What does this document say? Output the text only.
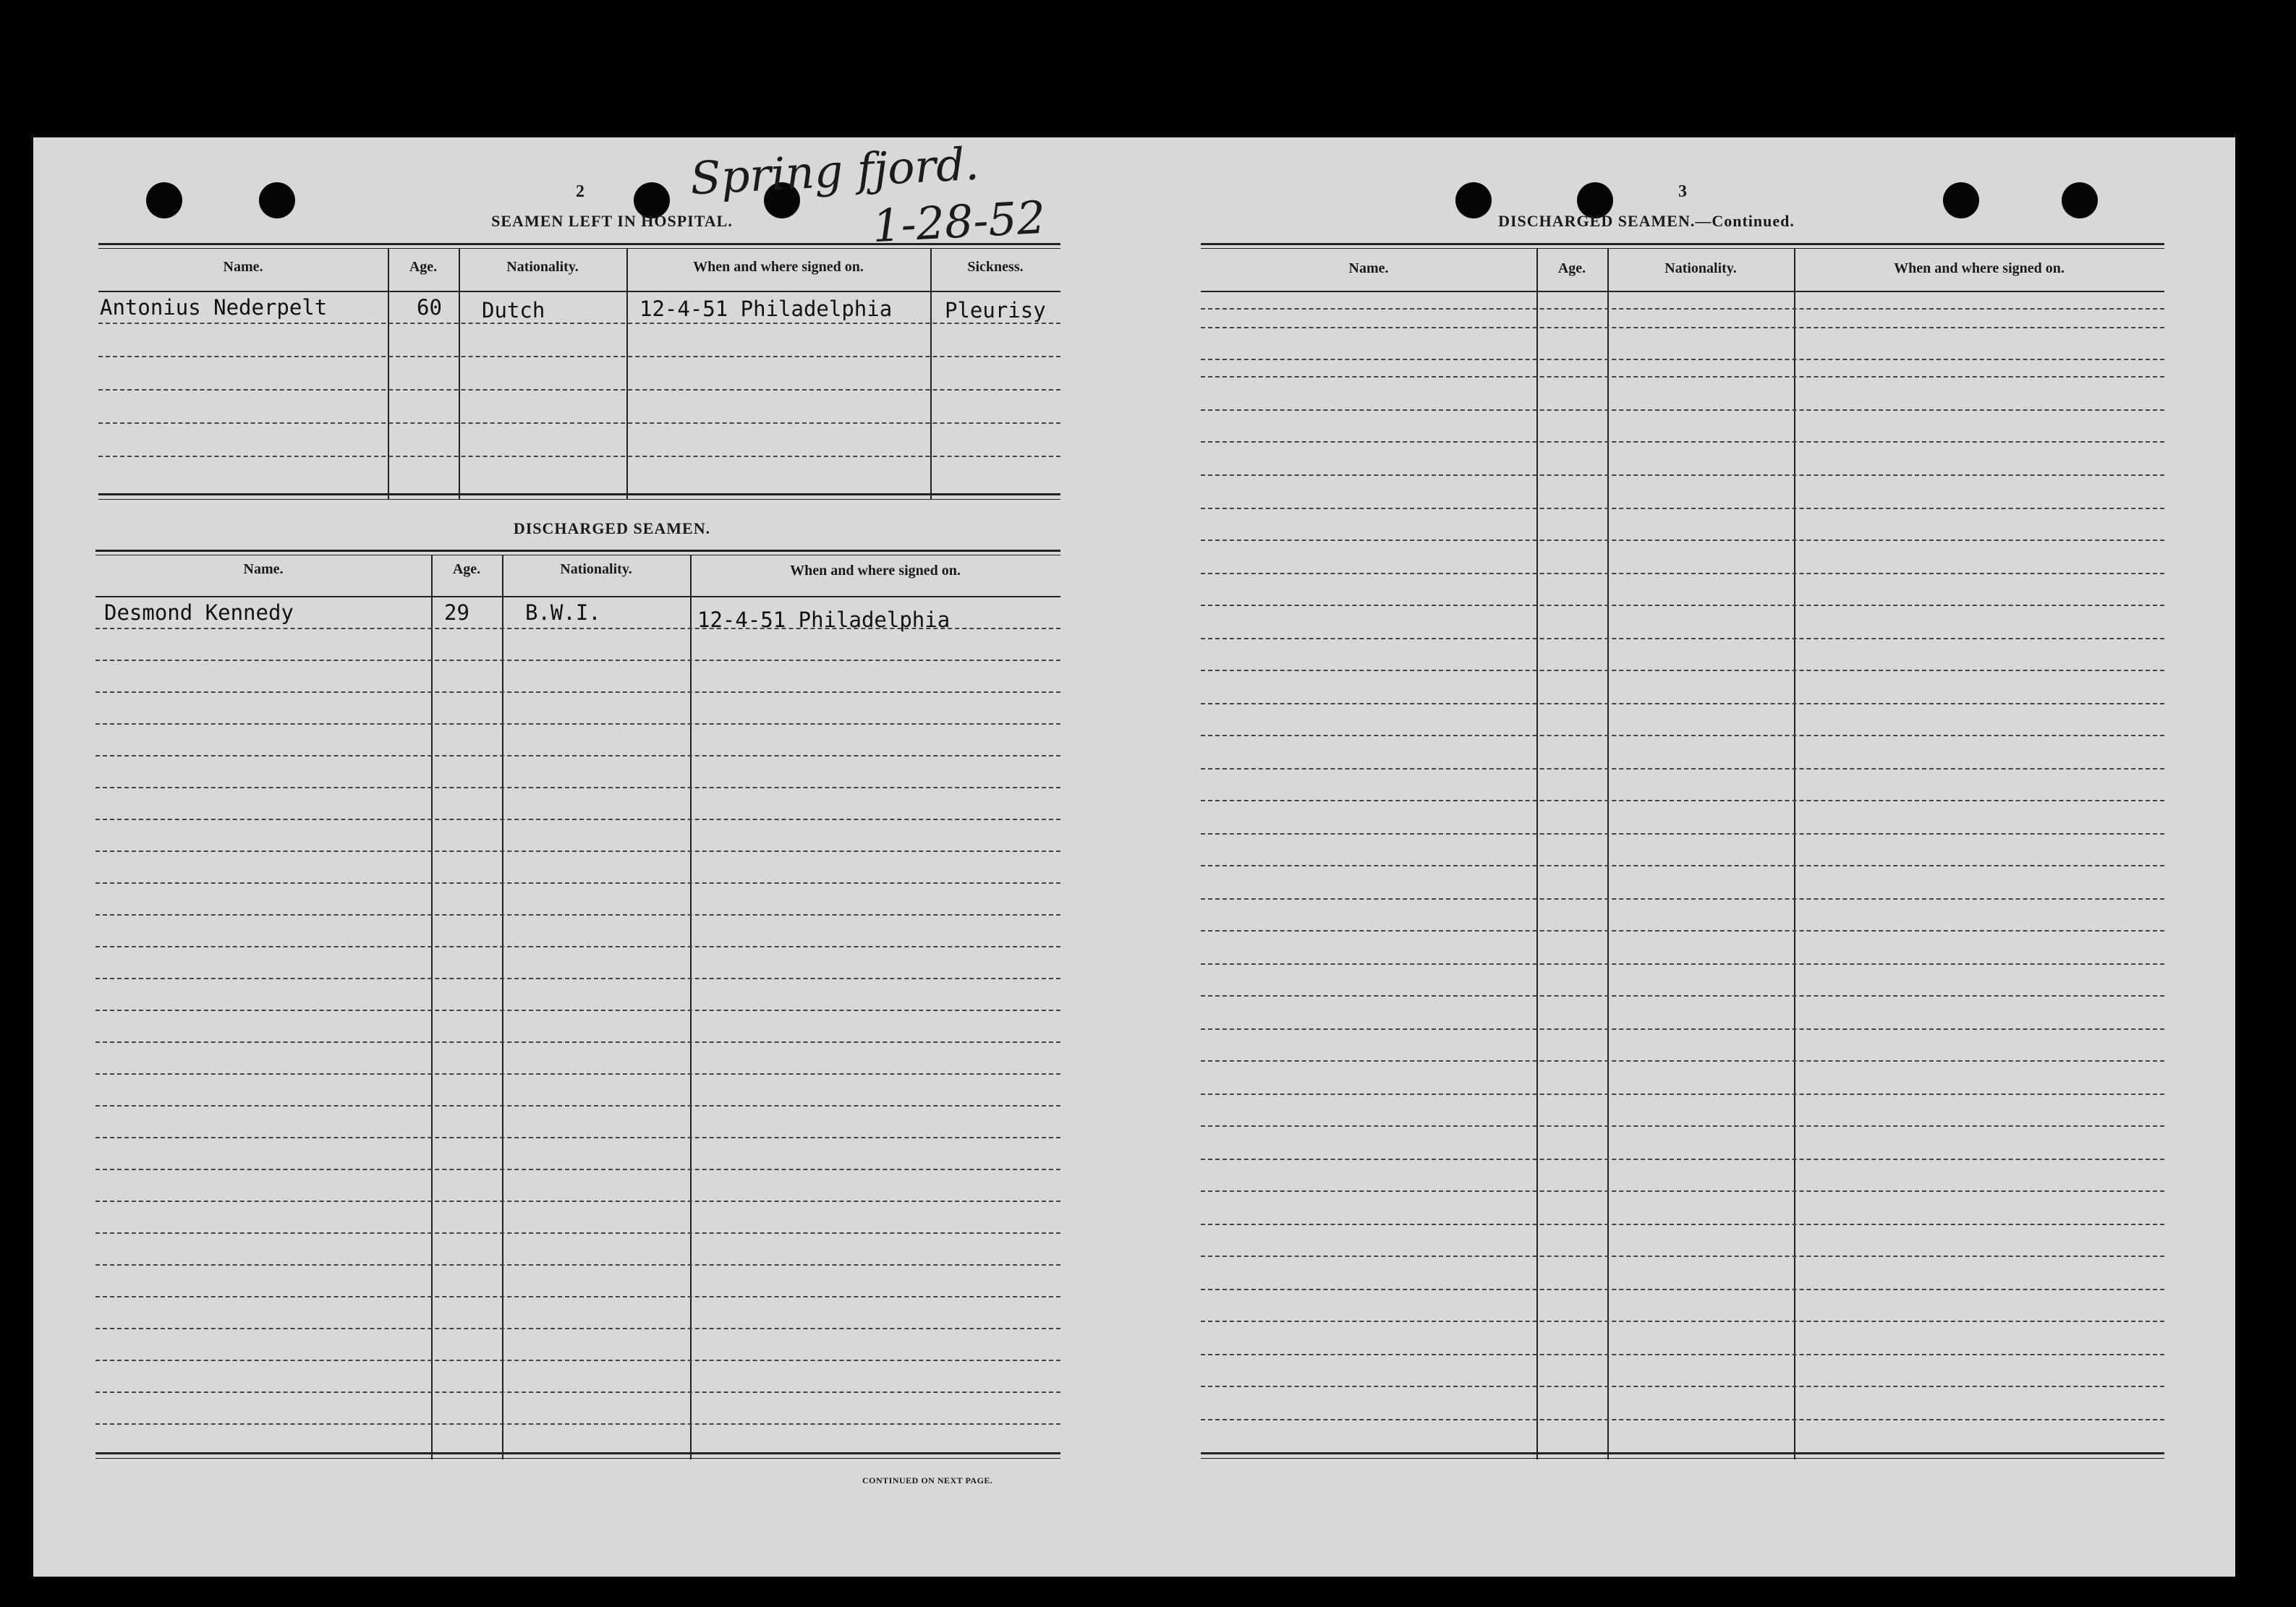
Spring fjord.
1-28-52
2
SEAMEN LEFT IN HOSPITAL.
Name.	Age.	Nationality.	When and where signed on.	Sickness.
Antonius Nederpelt	60 Dutch	12-4-51 Philadelphia	Pleurisy
DISCHARGED SEAMEN.
Name.	Age.	Nationality.	When and where signed on.
Desmond Kennedy	29	B.W.I.	12-4-51 Philadelphia
CONTINUED ON NEXT PAGE.
3
DISCHARGED SEAMEN.—Continued.
Name.	Age.	Nationality.	When and where signed on.
